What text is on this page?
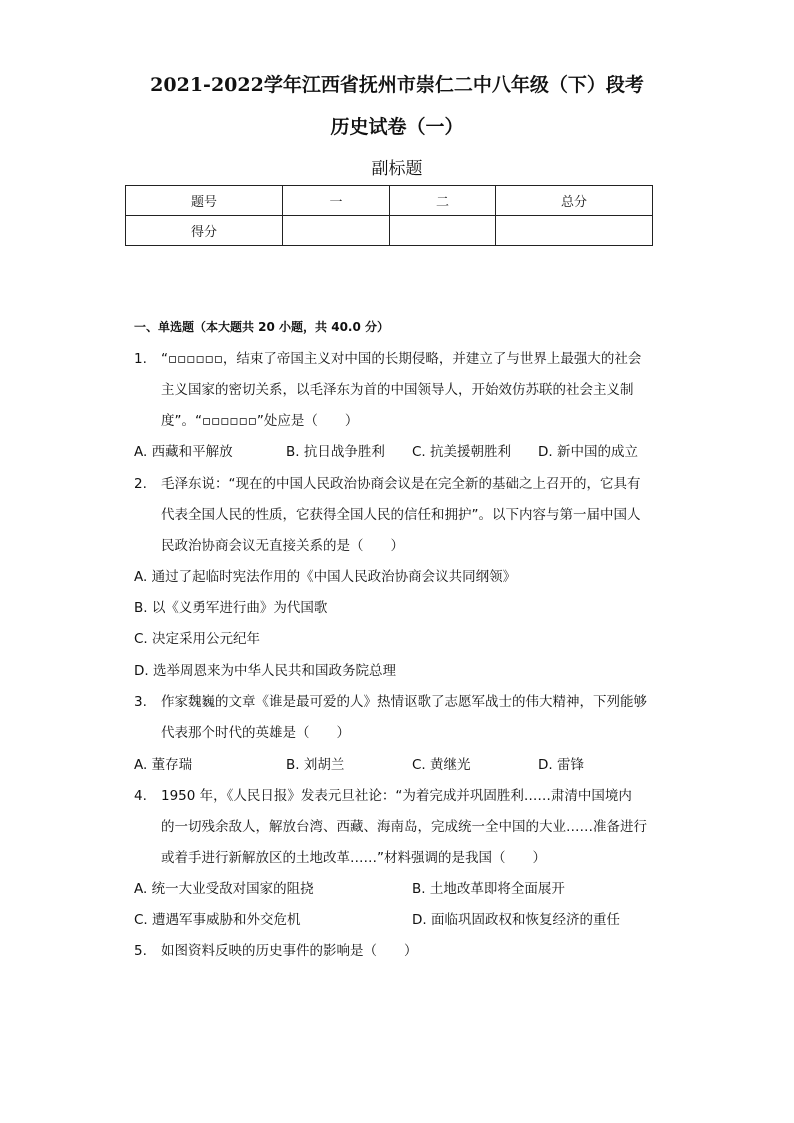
2021-2022学年江西省抚州市崇仁二中八年级（下）段考
历史试卷（一）

副标题

题号	一	二	总分
得分			

一、单选题（本大题共 20 小题，共 40.0 分）

1. “▫▫▫▫▫▫，结束了帝国主义对中国的长期侵略，并建立了与世界上最强大的社会

主义国家的密切关系，以毛泽东为首的中国领导人，开始效仿苏联的社会主义制

度”。“▫▫▫▫▫▫”处应是（　　）

A. 西藏和平解放	B. 抗日战争胜利 C. 抗美援朝胜利 D. 新中国的成立
2. 毛泽东说：“现在的中国人民政治协商会议是在完全新的基础之上召开的，它具有

代表全国人民的性质，它获得全国人民的信任和拥护”。以下内容与第一届中国人

民政治协商会议无直接关系的是（　　）

A. 通过了起临时宪法作用的《中国人民政治协商会议共同纲领》
B. 以《义勇军进行曲》为代国歌
C. 决定采用公元纪年
D. 选举周恩来为中华人民共和国政务院总理
3. 作家魏巍的文章《谁是最可爱的人》热情讴歌了志愿军战士的伟大精神，下列能够

代表那个时代的英雄是（　　）

A. 董存瑞	B. 刘胡兰	C. 黄继光	D. 雷锋
4. 1950 年，《人民日报》发表元旦社论：“为着完成并巩固胜利……肃清中国境内

的一切残余敌人，解放台湾、西藏、海南岛，完成统一全中国的大业……准备进行

或着手进行新解放区的土地改革……”材料强调的是我国（　　）

A. 统一大业受敌对国家的阻挠	B. 土地改革即将全面展开
C. 遭遇军事威胁和外交危机	D. 面临巩固政权和恢复经济的重任
5. 如图资料反映的历史事件的影响是（　　）
